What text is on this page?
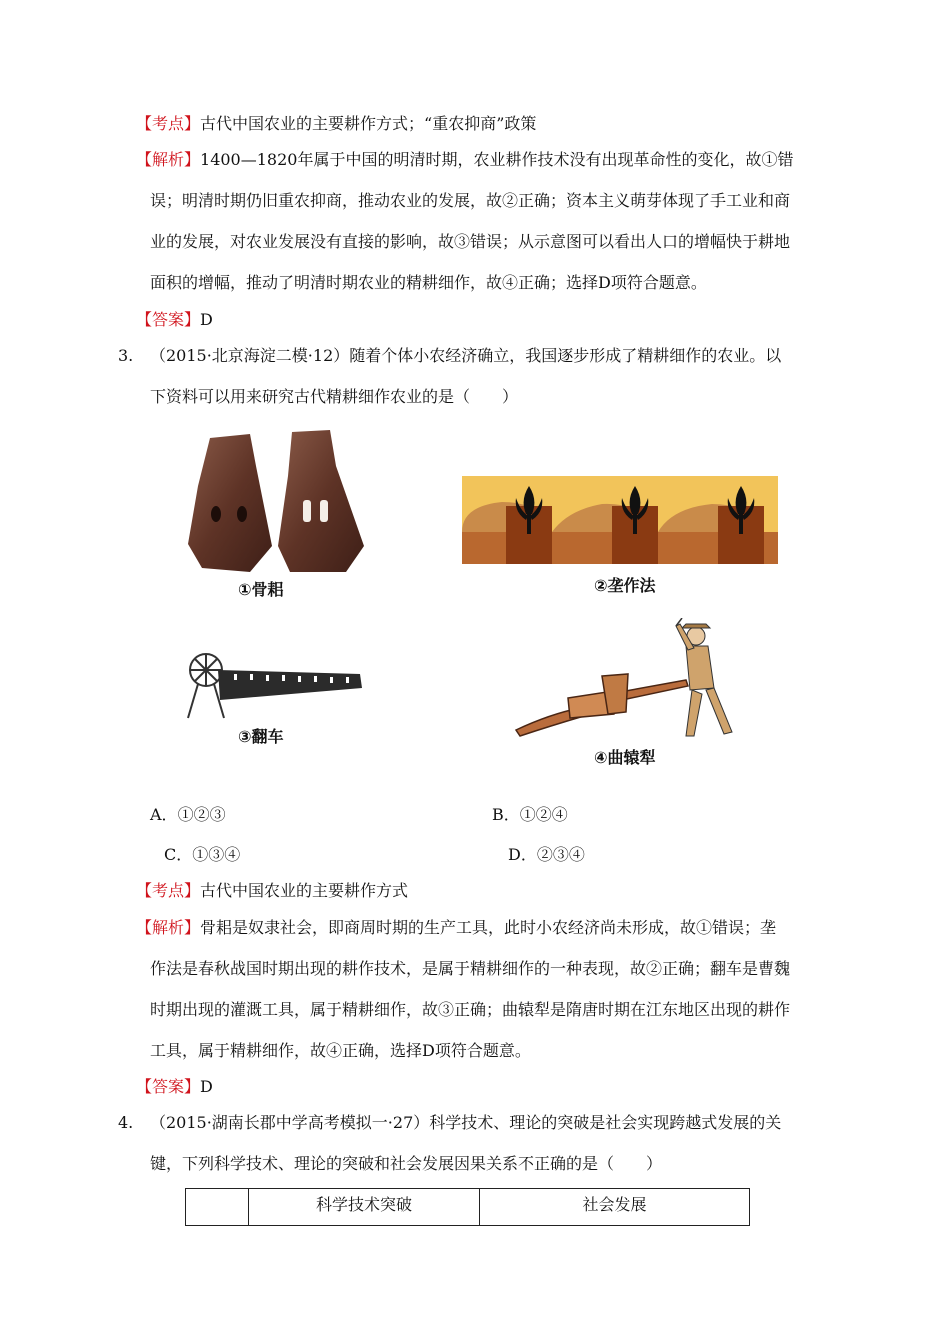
【考点】古代中国农业的主要耕作方式；“重农抑商”政策
【解析】1400—1820年属于中国的明清时期，农业耕作技术没有出现革命性的变化，故①错
误；明清时期仍旧重农抑商，推动农业的发展，故②正确；资本主义萌芽体现了手工业和商
业的发展，对农业发展没有直接的影响，故③错误；从示意图可以看出人口的增幅快于耕地
面积的增幅，推动了明清时期农业的精耕细作，故④正确；选择D项符合题意。
【答案】D
3. （2015·北京海淀二模·12）随着个体小农经济确立，我国逐步形成了精耕细作的农业。以
下资料可以用来研究古代精耕细作农业的是（　　）
①骨耜	②垄作法
③翻车
④曲辕犁
A．①②③	B．①②④
C．①③④	D．②③④
【考点】古代中国农业的主要耕作方式
【解析】骨耜是奴隶社会，即商周时期的生产工具，此时小农经济尚未形成，故①错误；垄
作法是春秋战国时期出现的耕作技术，是属于精耕细作的一种表现，故②正确；翻车是曹魏
时期出现的灌溉工具，属于精耕细作，故③正确；曲辕犁是隋唐时期在江东地区出现的耕作
工具，属于精耕细作，故④正确，选择D项符合题意。
【答案】D
4. （2015·湖南长郡中学高考模拟一·27）科学技术、理论的突破是社会实现跨越式发展的关
键，下列科学技术、理论的突破和社会发展因果关系不正确的是（　　）
	科学技术突破	社会发展
